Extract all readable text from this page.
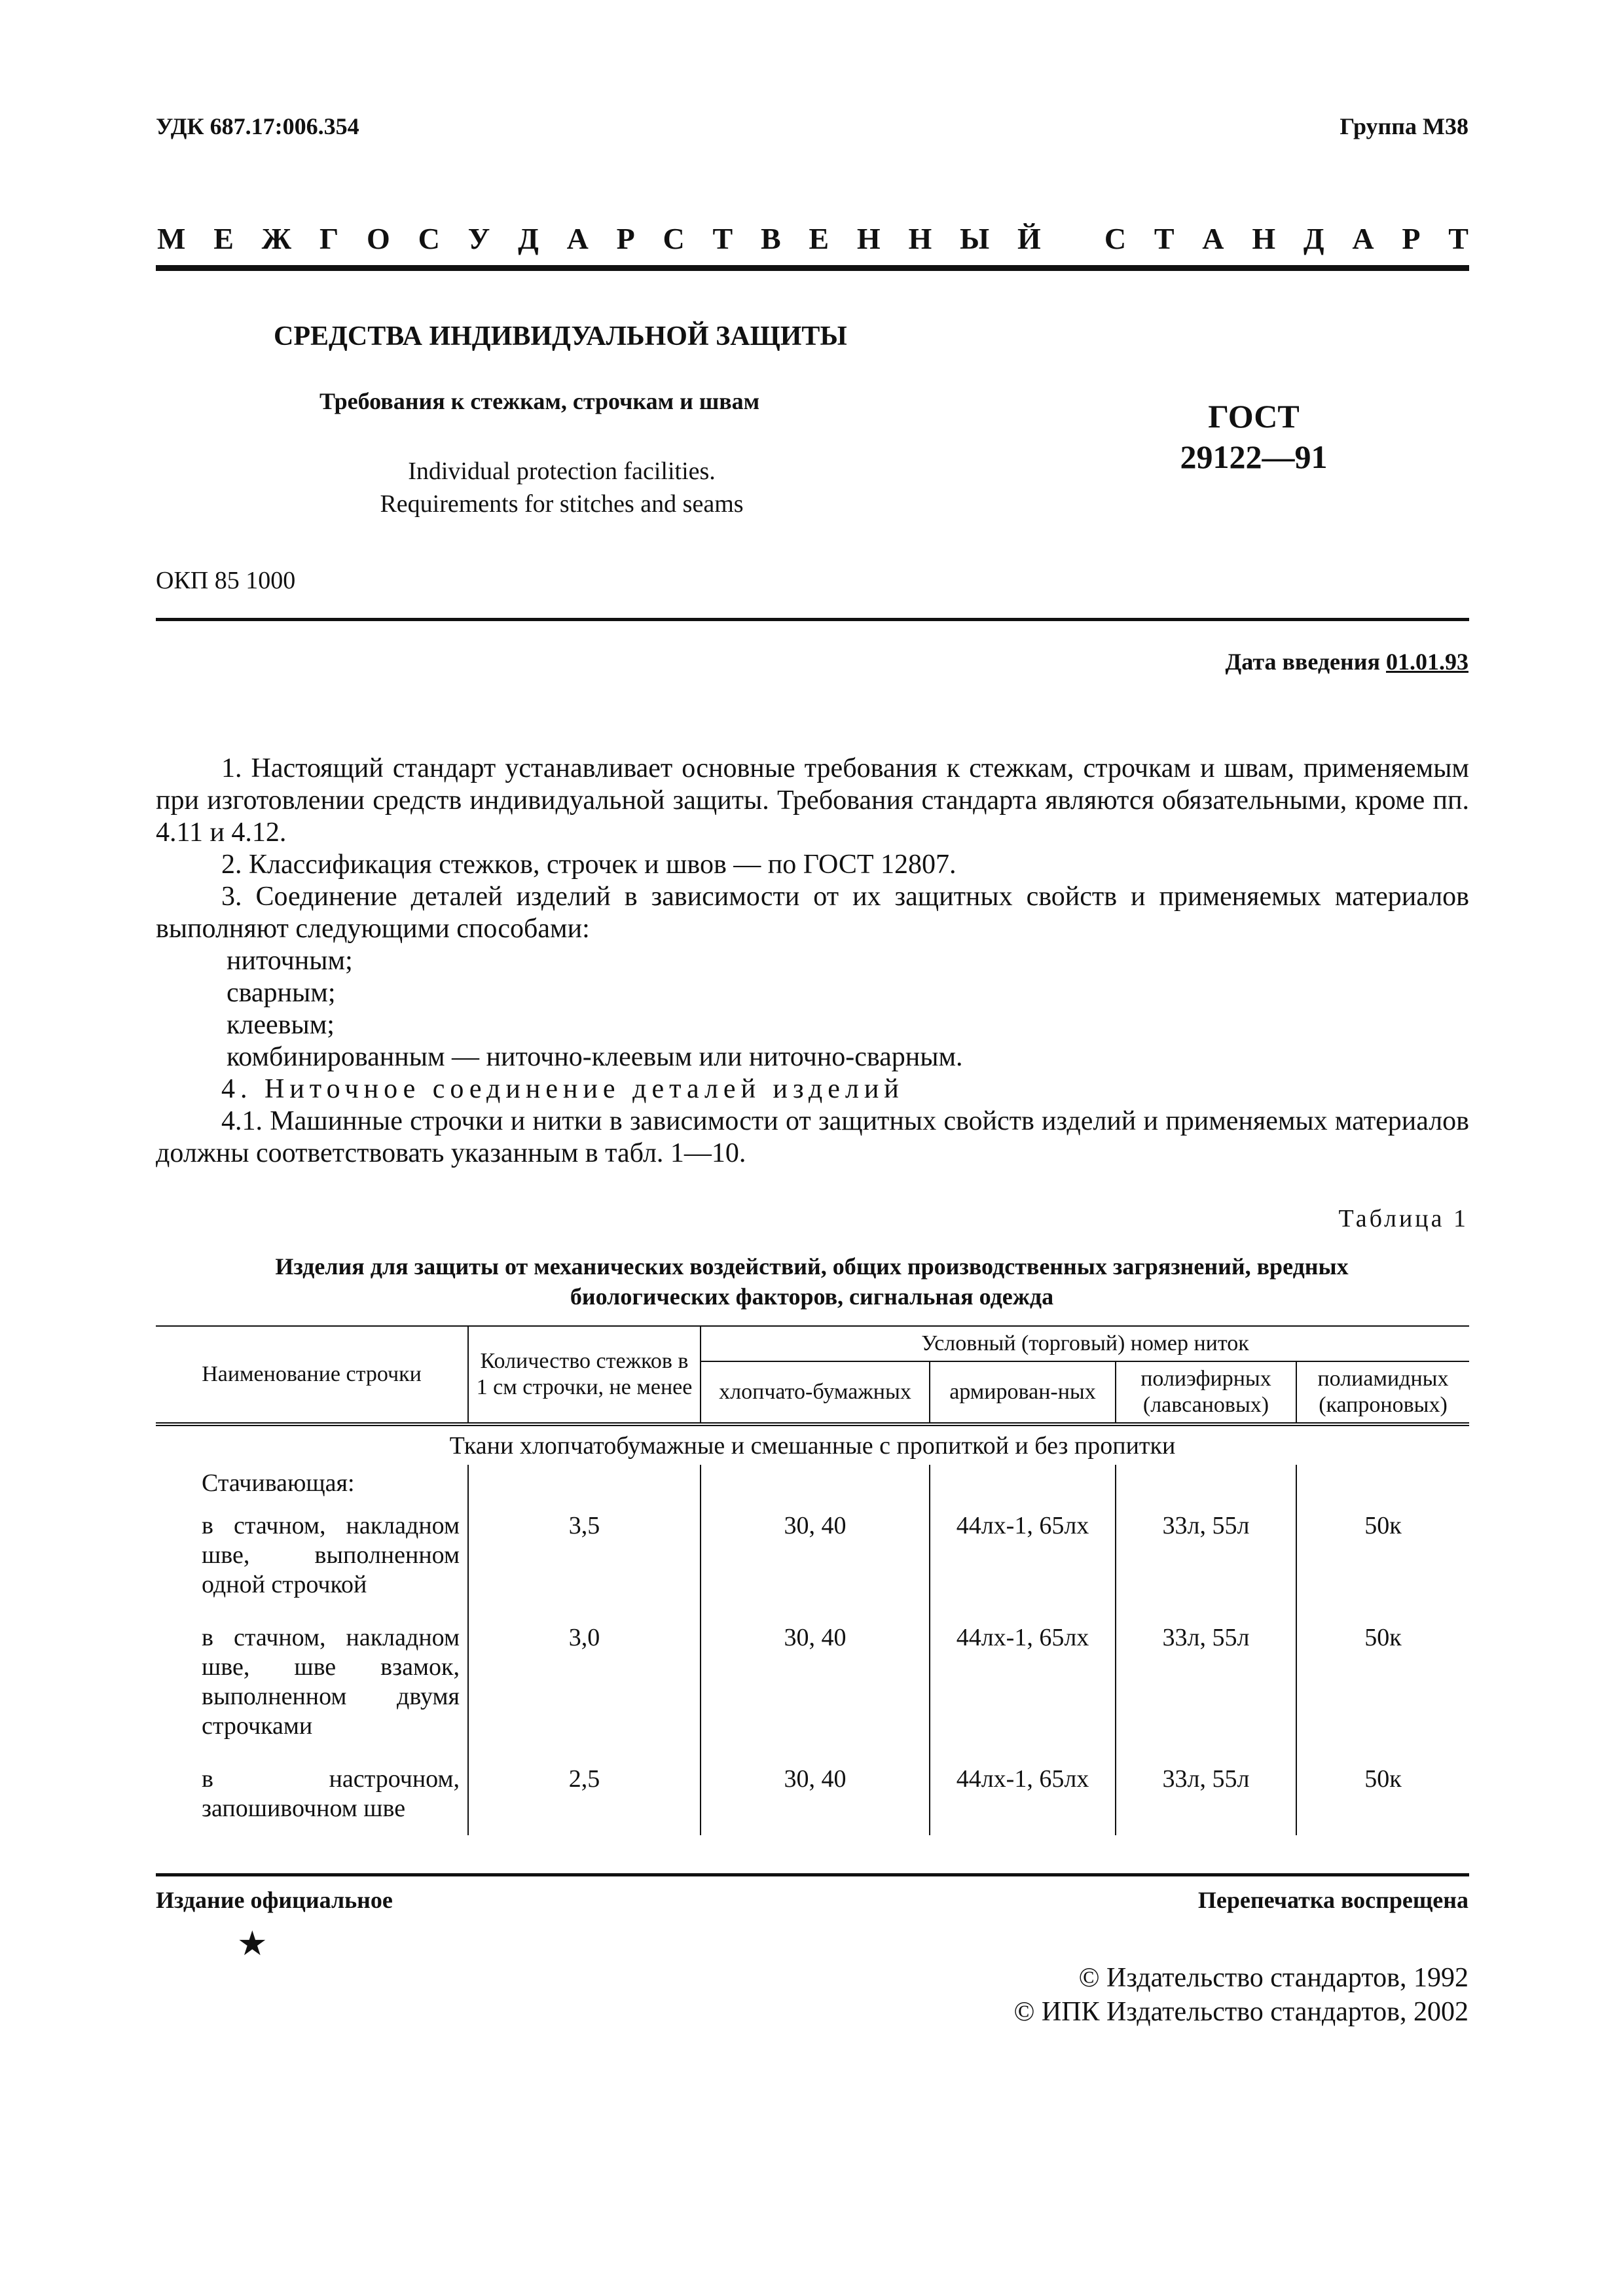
УДК 687.17:006.354	Группа М38
М Е Ж Г О С У Д А Р С Т В Е Н Н Ы Й
С Т А Н Д А Р Т
СРЕДСТВА ИНДИВИДУАЛЬНОЙ ЗАЩИТЫ
Требования к стежкам, строчкам и швам
Individual protection facilities.
Requirements for stitches and seams
ГОСТ
29122—91
ОКП 85 1000
Дата введения 01.01.93

1. Настоящий стандарт устанавливает основные требования к стежкам, строчкам и швам, применяемым при изготовлении средств индивидуальной защиты. Требования стандарта являются обязательными, кроме пп. 4.11 и 4.12.

2. Классификация стежков, строчек и швов — по ГОСТ 12807.

3. Соединение деталей изделий в зависимости от их защитных свойств и применяемых материалов выполняют следующими способами:

ниточным;

сварным;

клеевым;

комбинированным — ниточно-клеевым или ниточно-сварным.

4. Ниточное соединение деталей изделий

4.1. Машинные строчки и нитки в зависимости от защитных свойств изделий и применяемых материалов должны соответствовать указанным в табл. 1—10.

Таблица 1
Изделия для защиты от механических воздействий, общих производственных загрязнений, вредных биологических факторов, сигнальная одежда
Наименование строчки	Количество стежков в 1 см строчки, не менее	Условный (торговый) номер ниток			
		хлопчато-бумажных	армирован-ных	полиэфирных (лавсановых)	полиамидных (капроновых)
Ткани хлопчатобумажные и смешанные с пропиткой и без пропитки					
Стачивающая:					
в стачном, накладном шве, выполненном одной строчкой	3,5	30, 40	44лх-1, 65лх	33л, 55л	50к
в стачном, накладном шве, шве взамок, выполненном двумя строчками	3,0	30, 40	44лх-1, 65лх	33л, 55л	50к
в настрочном, запошивочном шве	2,5	30, 40	44лх-1, 65лх	33л, 55л	50к
Издание официальное	Перепечатка воспрещена
★
© Издательство стандартов, 1992
© ИПК Издательство стандартов, 2002
